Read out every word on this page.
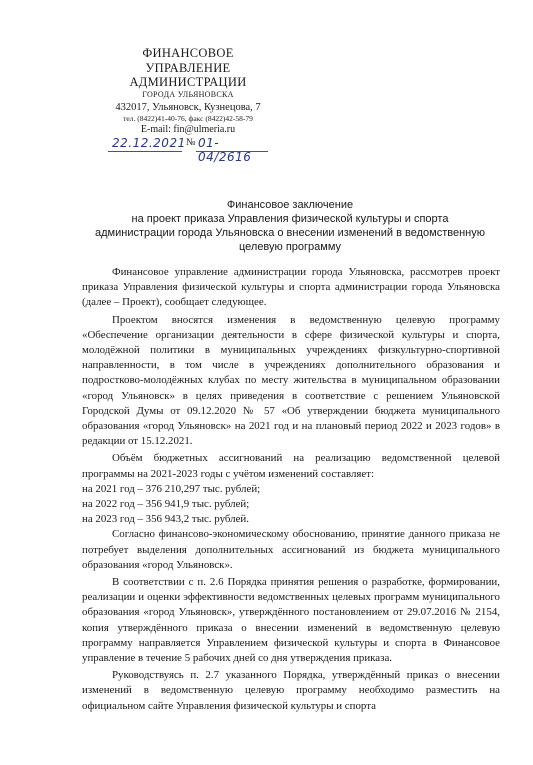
ФИНАНСОВОЕ
УПРАВЛЕНИЕ
АДМИНИСТРАЦИИ
ГОРОДА УЛЬЯНОВСКА
432017, Ульяновск, Кузнецова, 7
тел. (8422)41-40-76, факс (8422)42-58-79
E-mail: fin@ulmeria.ru
22.12.2021 № 01-04/2616
Финансовое заключение
на проект приказа Управления физической культуры и спорта
администрации города Ульяновска о внесении изменений в ведомственную
целевую программу

Финансовое управление администрации города Ульяновска, рассмотрев проект приказа Управления физической культуры и спорта администрации города Ульяновска (далее – Проект), сообщает следующее.

Проектом вносятся изменения в ведомственную целевую программу «Обеспечение организации деятельности в сфере физической культуры и спорта, молодёжной политики в муниципальных учреждениях физкультурно-спортивной направленности, в том числе в учреждениях дополнительного образования и подростково-молодёжных клубах по месту жительства в муниципальном образовании «город Ульяновск» в целях приведения в соответствие с решением Ульяновской Городской Думы от 09.12.2020 № 57 «Об утверждении бюджета муниципального образования «город Ульяновск» на 2021 год и на плановый период 2022 и 2023 годов» в редакции от 15.12.2021.

Объём бюджетных ассигнований на реализацию ведомственной целевой программы на 2021-2023 годы с учётом изменений составляет:

на 2021 год – 376 210,297 тыс. рублей;

на 2022 год – 356 941,9 тыс. рублей;

на 2023 год – 356 943,2 тыс. рублей.

Согласно финансово-экономическому обоснованию, принятие данного приказа не потребует выделения дополнительных ассигнований из бюджета муниципального образования «город Ульяновск».

В соответствии с п. 2.6 Порядка принятия решения о разработке, формировании, реализации и оценки эффективности ведомственных целевых программ муниципального образования «город Ульяновск», утверждённого постановлением от 29.07.2016 № 2154, копия утверждённого приказа о внесении изменений в ведомственную целевую программу направляется Управлением физической культуры и спорта в Финансовое управление в течение 5 рабочих дней со дня утверждения приказа.

Руководствуясь п. 2.7 указанного Порядка, утверждённый приказ о внесении изменений в ведомственную целевую программу необходимо разместить на официальном сайте Управления физической культуры и спорта
